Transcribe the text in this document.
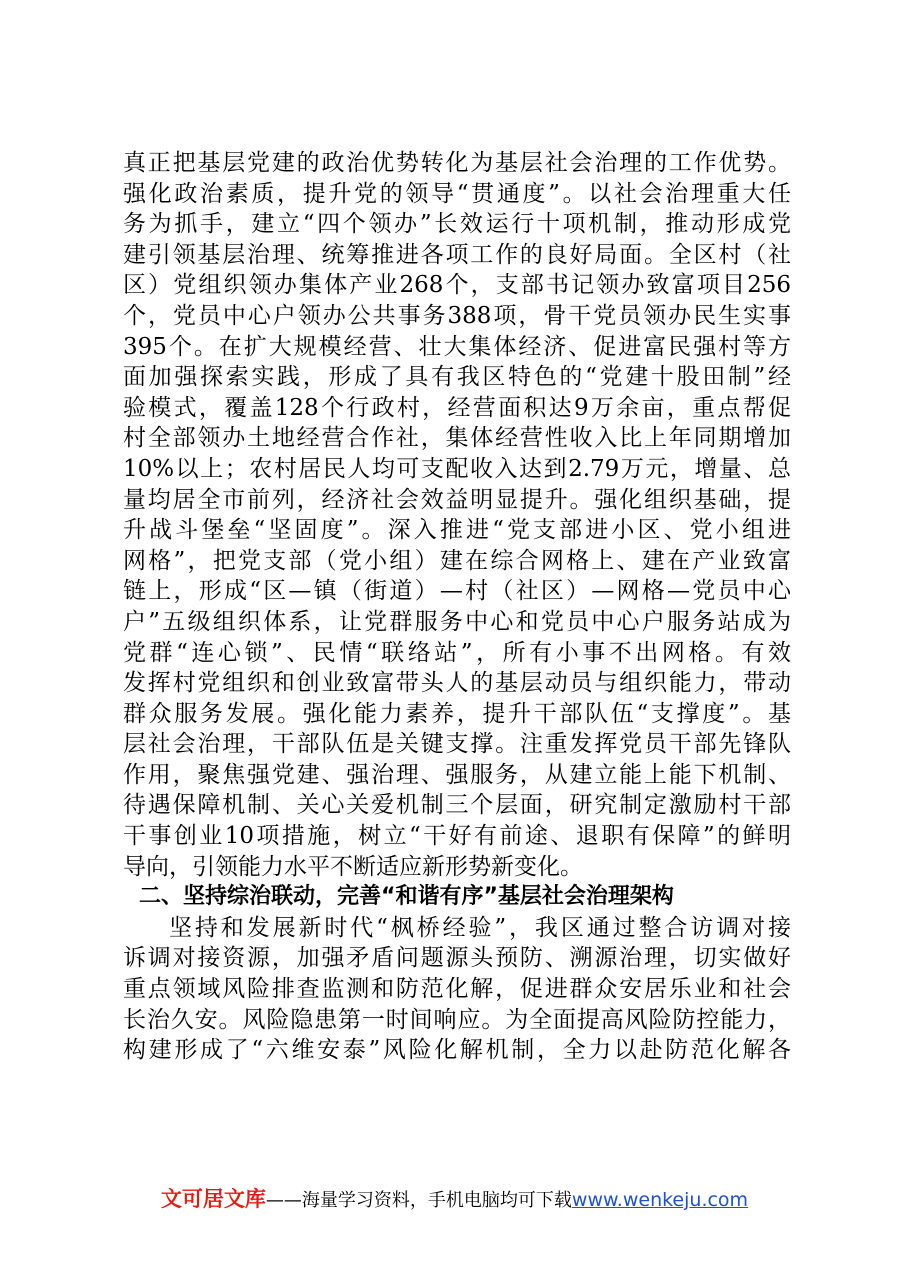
真正把基层党建的政治优势转化为基层社会治理的工作优势。
强化政治素质，提升党的领导“贯通度”。以社会治理重大任
务为抓手，建立“四个领办”长效运行十项机制，推动形成党
建引领基层治理、统筹推进各项工作的良好局面。全区村（社
区）党组织领办集体产业268个，支部书记领办致富项目256
个，党员中心户领办公共事务388项，骨干党员领办民生实事
395个。在扩大规模经营、壮大集体经济、促进富民强村等方
面加强探索实践，形成了具有我区特色的“党建十股田制”经
验模式，覆盖128个行政村，经营面积达9万余亩，重点帮促
村全部领办土地经营合作社，集体经营性收入比上年同期增加
10%以上；农村居民人均可支配收入达到2.79万元，增量、总
量均居全市前列，经济社会效益明显提升。强化组织基础，提
升战斗堡垒“坚固度”。深入推进“党支部进小区、党小组进
网格”，把党支部（党小组）建在综合网格上、建在产业致富
链上，形成“区—镇（街道）—村（社区）—网格—党员中心
户”五级组织体系，让党群服务中心和党员中心户服务站成为
党群“连心锁”、民情“联络站”，所有小事不出网格。有效
发挥村党组织和创业致富带头人的基层动员与组织能力，带动
群众服务发展。强化能力素养，提升干部队伍“支撑度”。基
层社会治理，干部队伍是关键支撑。注重发挥党员干部先锋队
作用，聚焦强党建、强治理、强服务，从建立能上能下机制、
待遇保障机制、关心关爱机制三个层面，研究制定激励村干部
干事创业10项措施，树立“干好有前途、退职有保障”的鲜明
导向，引领能力水平不断适应新形势新变化。
二、坚持综治联动，完善“和谐有序”基层社会治理架构
坚持和发展新时代“枫桥经验”，我区通过整合访调对接
诉调对接资源，加强矛盾问题源头预防、溯源治理，切实做好
重点领域风险排查监测和防范化解，促进群众安居乐业和社会
长治久安。风险隐患第一时间响应。为全面提高风险防控能力，
构建形成了“六维安泰”风险化解机制，全力以赴防范化解各
文可居文库——海量学习资料，手机电脑均可下载www.wenkeju.com
